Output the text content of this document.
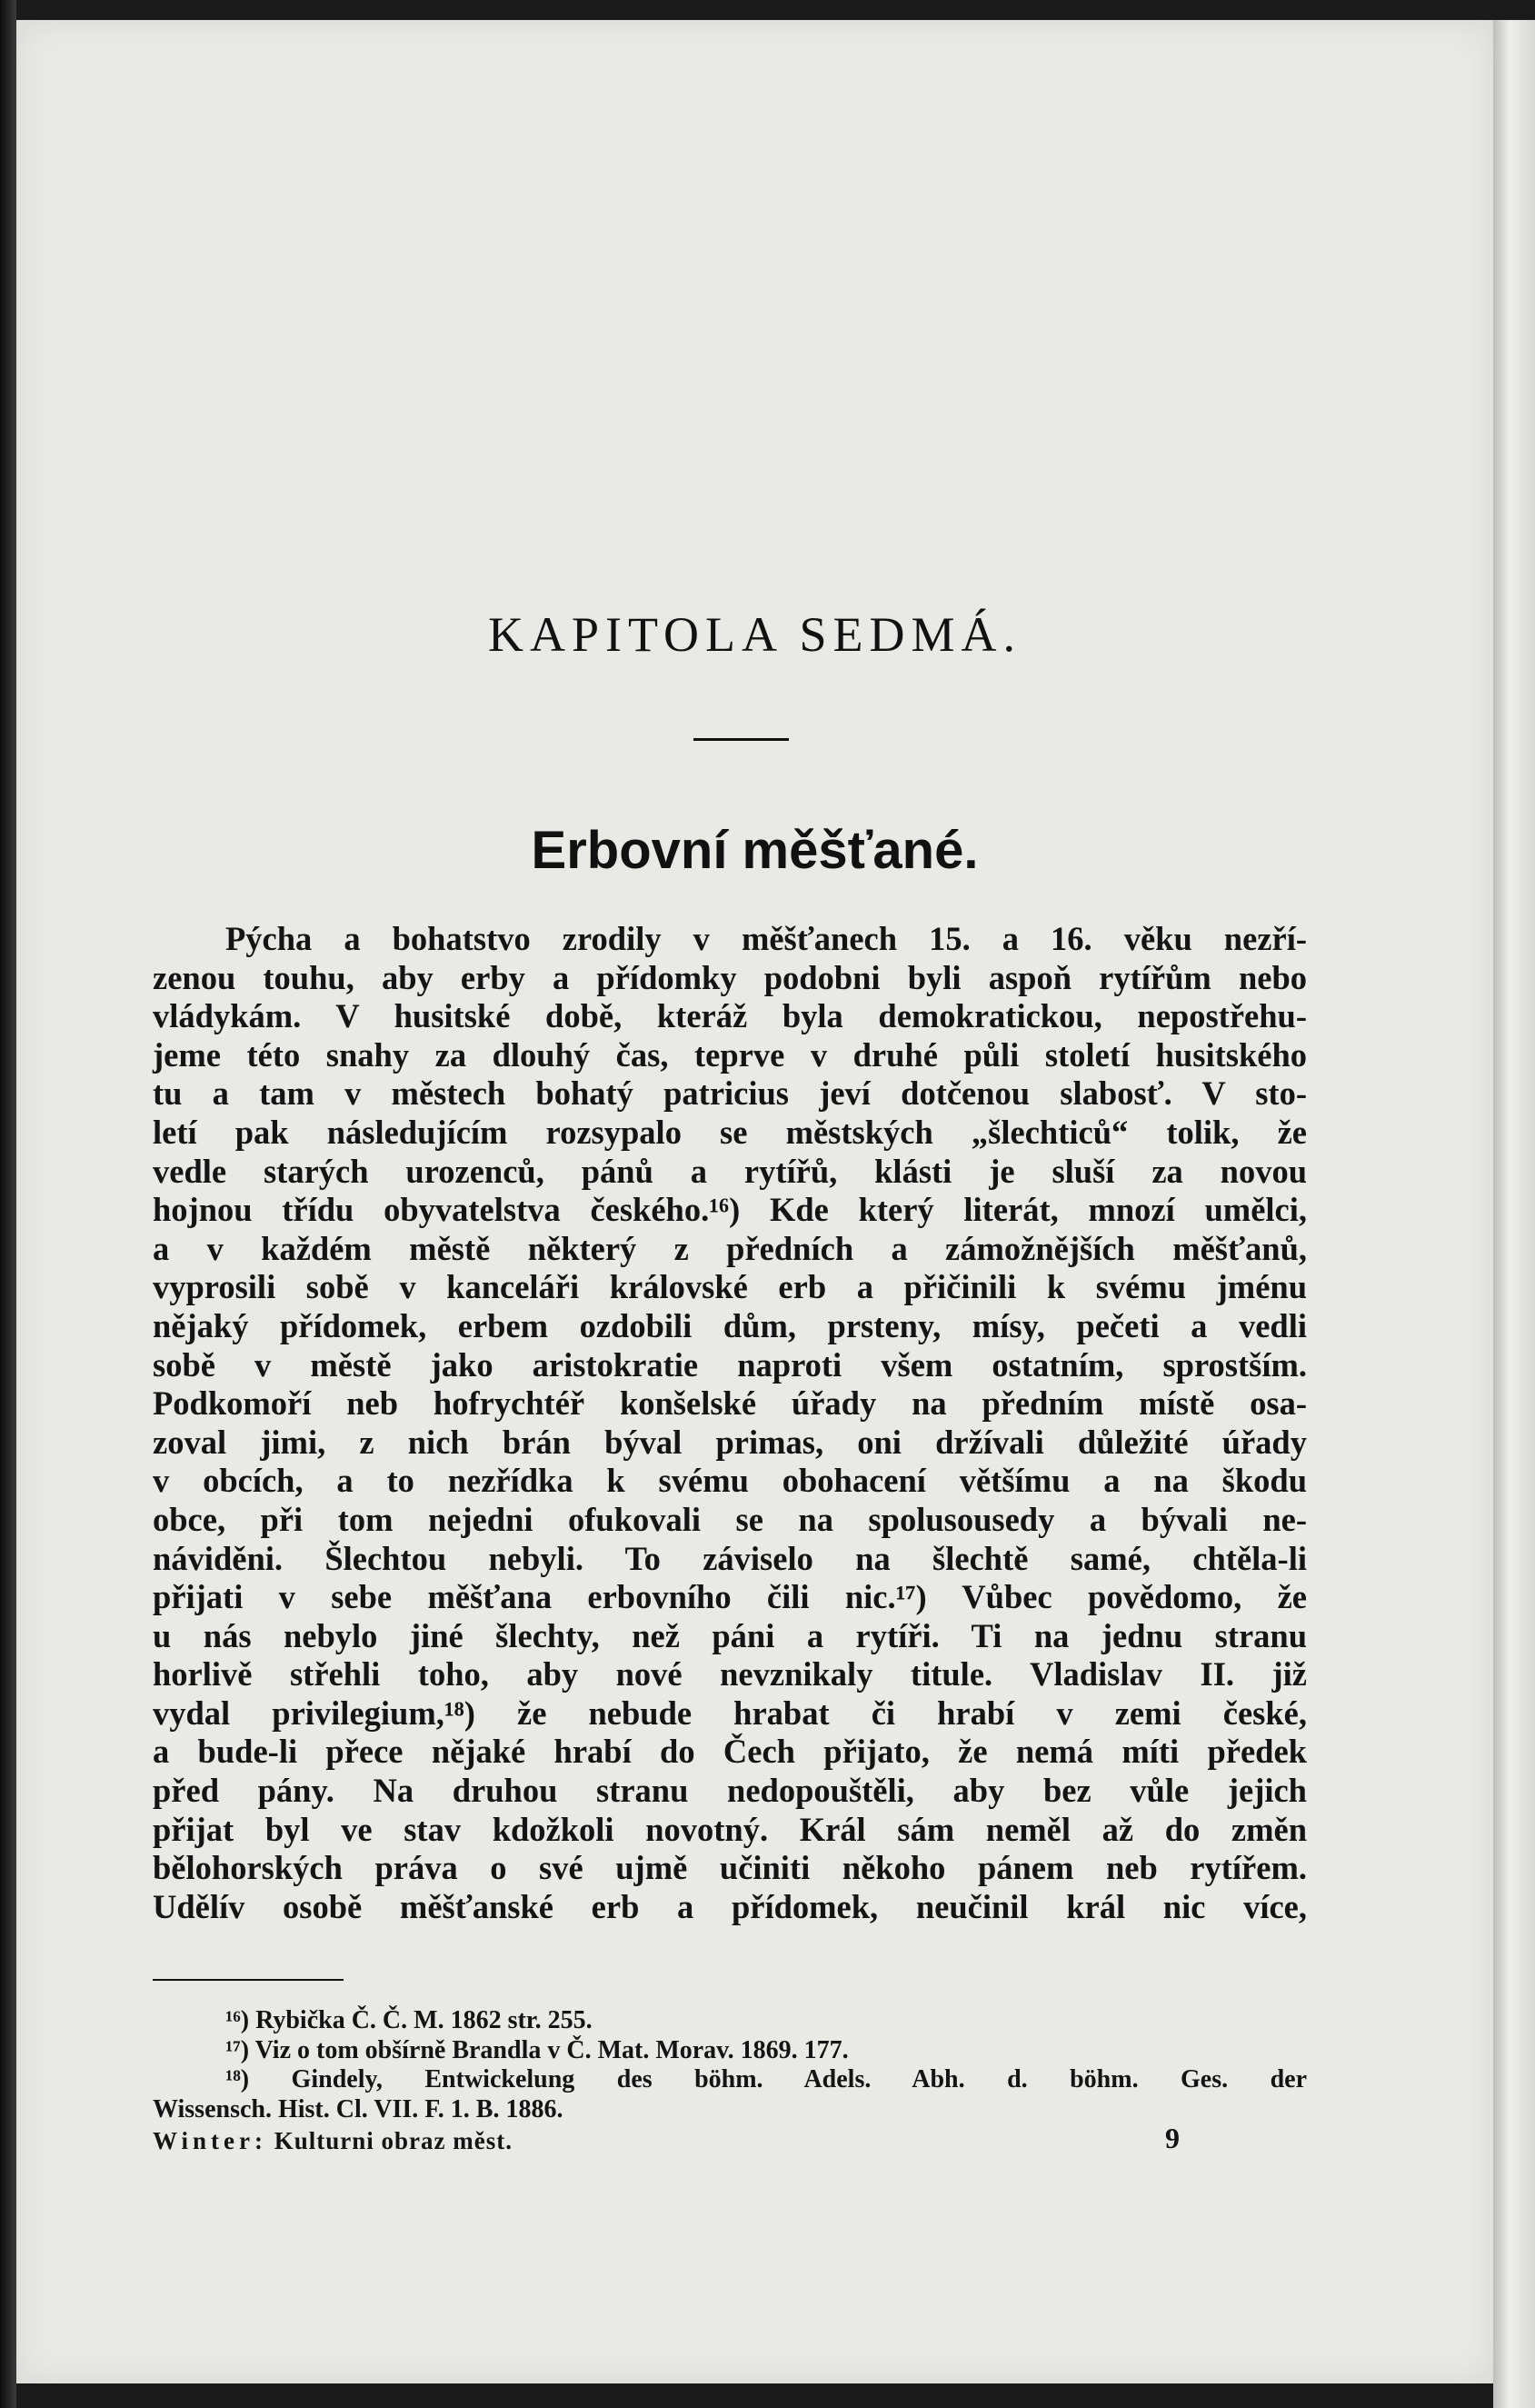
KAPITOLA SEDMÁ.
Erbovní měšťané.
Pýcha a bohatstvo zrodily v měšťanech 15. a 16. věku nezří-
zenou touhu, aby erby a přídomky podobni byli aspoň rytířům nebo
vládykám. V husitské době, kteráž byla demokratickou, nepostřehu-
jeme této snahy za dlouhý čas, teprve v druhé půli století husitského
tu a tam v městech bohatý patricius jeví dotčenou slabosť. V sto-
letí pak následujícím rozsypalo se městských „šlechticů“ tolik, že
vedle starých urozenců, pánů a rytířů, klásti je sluší za novou
hojnou třídu obyvatelstva českého.¹⁶) Kde který literát, mnozí umělci,
a v každém městě některý z předních a zámožnějších měšťanů,
vyprosili sobě v kanceláři královské erb a přičinili k svému jménu
nějaký přídomek, erbem ozdobili dům, prsteny, mísy, pečeti a vedli
sobě v městě jako aristokratie naproti všem ostatním, sprostším.
Podkomoří neb hofrychtéř konšelské úřady na předním místě osa-
zoval jimi, z nich brán býval primas, oni držívali důležité úřady
v obcích, a to nezřídka k svému obohacení většímu a na škodu
obce, při tom nejedni ofukovali se na spolusousedy a bývali ne-
náviděni. Šlechtou nebyli. To záviselo na šlechtě samé, chtěla-li
přijati v sebe měšťana erbovního čili nic.¹⁷) Vůbec povědomo, že
u nás nebylo jiné šlechty, než páni a rytíři. Ti na jednu stranu
horlivě střehli toho, aby nové nevznikaly titule. Vladislav II. již
vydal privilegium,¹⁸) že nebude hrabat či hrabí v zemi české,
a bude-li přece nějaké hrabí do Čech přijato, že nemá míti předek
před pány. Na druhou stranu nedopouštěli, aby bez vůle jejich
přijat byl ve stav kdožkoli novotný. Král sám neměl až do změn
bělohorských práva o své ujmě učiniti někoho pánem neb rytířem.
Udělív osobě měšťanské erb a přídomek, neučinil král nic více,
¹⁶) Rybička Č. Č. M. 1862 str. 255.
¹⁷) Viz o tom obšírně Brandla v Č. Mat. Morav. 1869. 177.
¹⁸) Gindely, Entwickelung des böhm. Adels. Abh. d. böhm. Ges. der
Wissensch. Hist. Cl. VII. F. 1. B. 1886.
Winter: Kulturni obraz měst.	9
